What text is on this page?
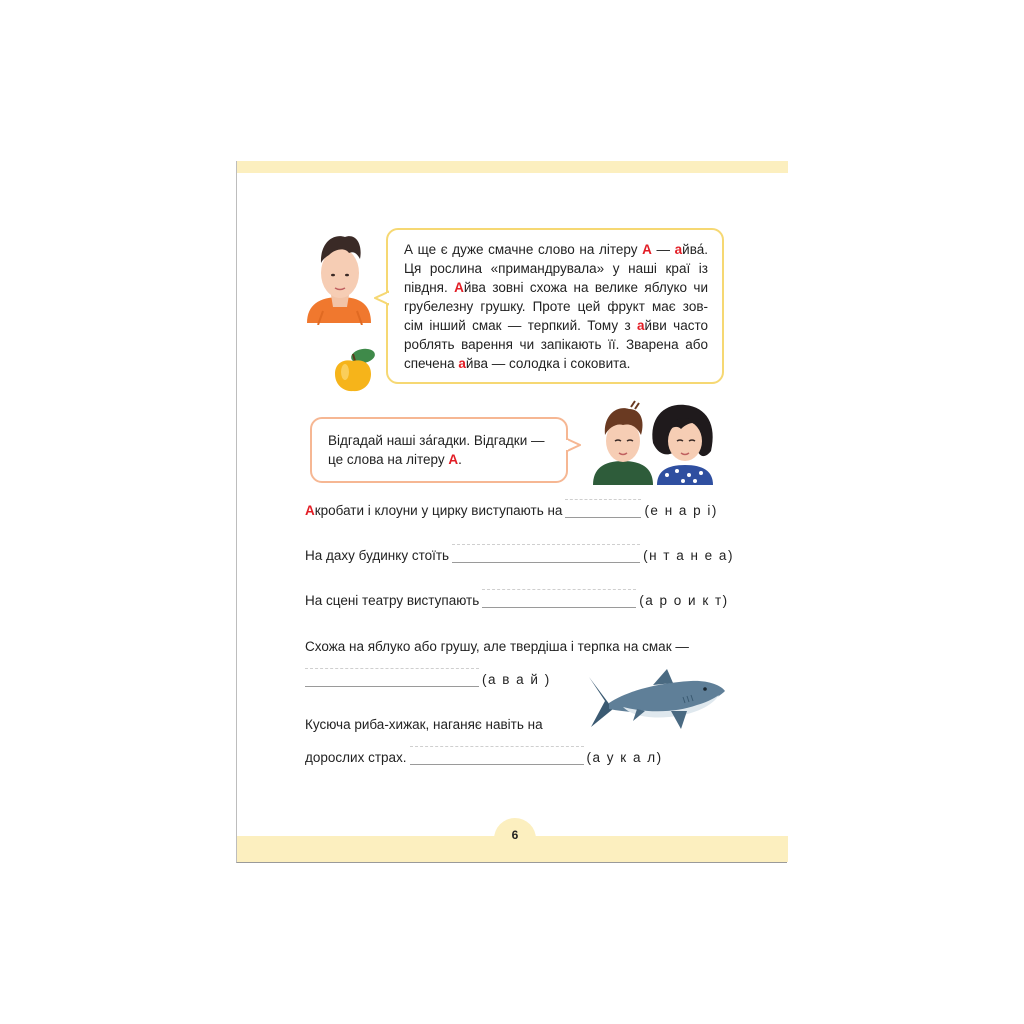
6

А ще є дуже смачне слово на літеру А — айва́.
Ця рослина «примандрувала» у наші краї із
півдня. Айва зовні схожа на велике яблуко чи
грубелезну грушку. Проте цей фрукт має зов-
сім інший смак — терпкий. Тому з айви часто
роблять варення чи запікають її. Зварена або
спечена айва — солодка і соковита.

Відгадай наші за́гадки. Відгадки —
це слова на літеру А.
Акробати і клоуни у цирку виступають на	(е н а р і)
На даху будинку стоїть	(н т а н е а)
На сцені театру виступають	(а р о и к т)
Схожа на яблуко або грушу, але твердіша і терпка на смак —
(а в а й )
Кусюча риба-хижак, наганяє навіть на
дорослих страх.	(а у к а л)
